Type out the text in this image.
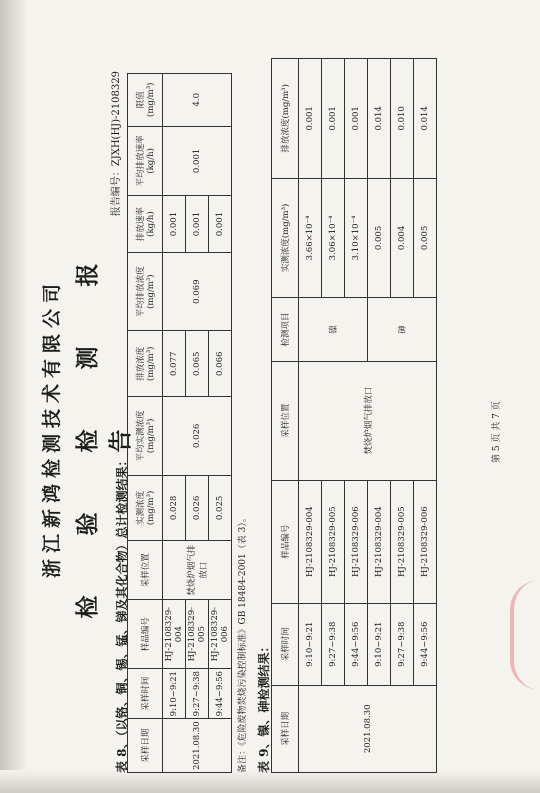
浙江新鸿检测技术有限公司 检 验 检 测 报 告
报告编号：ZJXH(HJ)-2108329
表 8、（以铬、铜、锡、锰、锑及其化合物）总计检测结果： 采样日期	采样时间	样品编号	采样位置	实测浓度(mg/m³)	平均实测浓度(mg/m³)	排放浓度(mg/m³)	平均排放浓度(mg/m³)	排放速率(kg/h)	平均排放速率(kg/h)	限值(mg/m³)
2021.08.30	9:10~9:21	HJ-2108329-004	焚烧炉烟气排放口	0.028	0.026	0.077	0.069	0.001	0.001	4.0
	9:27~9:38	HJ-2108329-005		0.026		0.065		0.001		
	9:44~9:56	HJ-2108329-006		0.025		0.066		0.001		
备注：《危险废物焚烧污染控制标准》GB 18484-2001（表 3）。 表 9、镍、砷检测结果： 采样日期	采样时间	样品编号	采样位置	检测项目	实测浓度(mg/m³)	排放浓度(mg/m³)
2021.08.30	9:10~9:21	HJ-2108329-004	焚烧炉烟气排放口	镍	3.66×10⁻⁴	0.001
	9:27~9:38	HJ-2108329-005			3.06×10⁻⁴	0.001
	9:44~9:56	HJ-2108329-006			3.10×10⁻⁴	0.001
	9:10~9:21	HJ-2108329-004		砷	0.005	0.014
	9:27~9:38	HJ-2108329-005			0.004	0.010
	9:44~9:56	HJ-2108329-006			0.005	0.014
第 5 页 共 7 页
